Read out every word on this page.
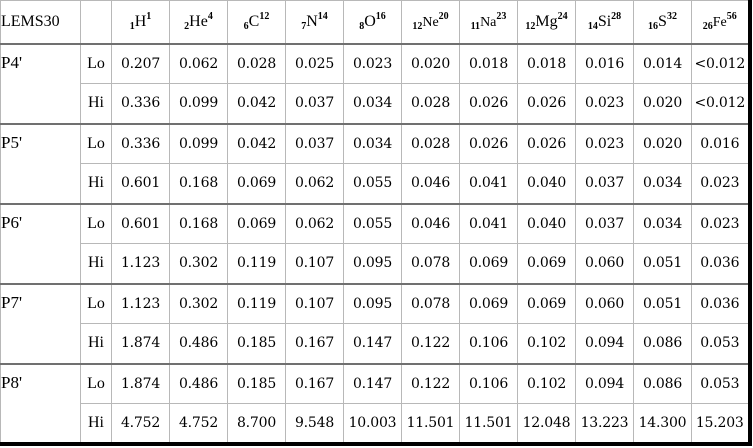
LEMS30		$_1H^1$	$_2He^4$	$_6C^{12}$	$_7N^{14}$	$_8O^{16}$	$_{12}Ne^{20}$	$_{11}Na^{23}$	$_{12}Mg^{24}$	$_{14}Si^{28}$	$_{16}S^{32}$	$_{26}Fe^{56}$
P4'	Lo	0.207	0.062	0.028	0.025	0.023	0.020	0.018	0.018	0.016	0.014	<0.012
	Hi	0.336	0.099	0.042	0.037	0.034	0.028	0.026	0.026	0.023	0.020	<0.012
P5'	Lo	0.336	0.099	0.042	0.037	0.034	0.028	0.026	0.026	0.023	0.020	0.016
	Hi	0.601	0.168	0.069	0.062	0.055	0.046	0.041	0.040	0.037	0.034	0.023
P6'	Lo	0.601	0.168	0.069	0.062	0.055	0.046	0.041	0.040	0.037	0.034	0.023
	Hi	1.123	0.302	0.119	0.107	0.095	0.078	0.069	0.069	0.060	0.051	0.036
P7'	Lo	1.123	0.302	0.119	0.107	0.095	0.078	0.069	0.069	0.060	0.051	0.036
	Hi	1.874	0.486	0.185	0.167	0.147	0.122	0.106	0.102	0.094	0.086	0.053
P8'	Lo	1.874	0.486	0.185	0.167	0.147	0.122	0.106	0.102	0.094	0.086	0.053
	Hi	4.752	4.752	8.700	9.548	10.003	11.501	11.501	12.048	13.223	14.300	15.203
